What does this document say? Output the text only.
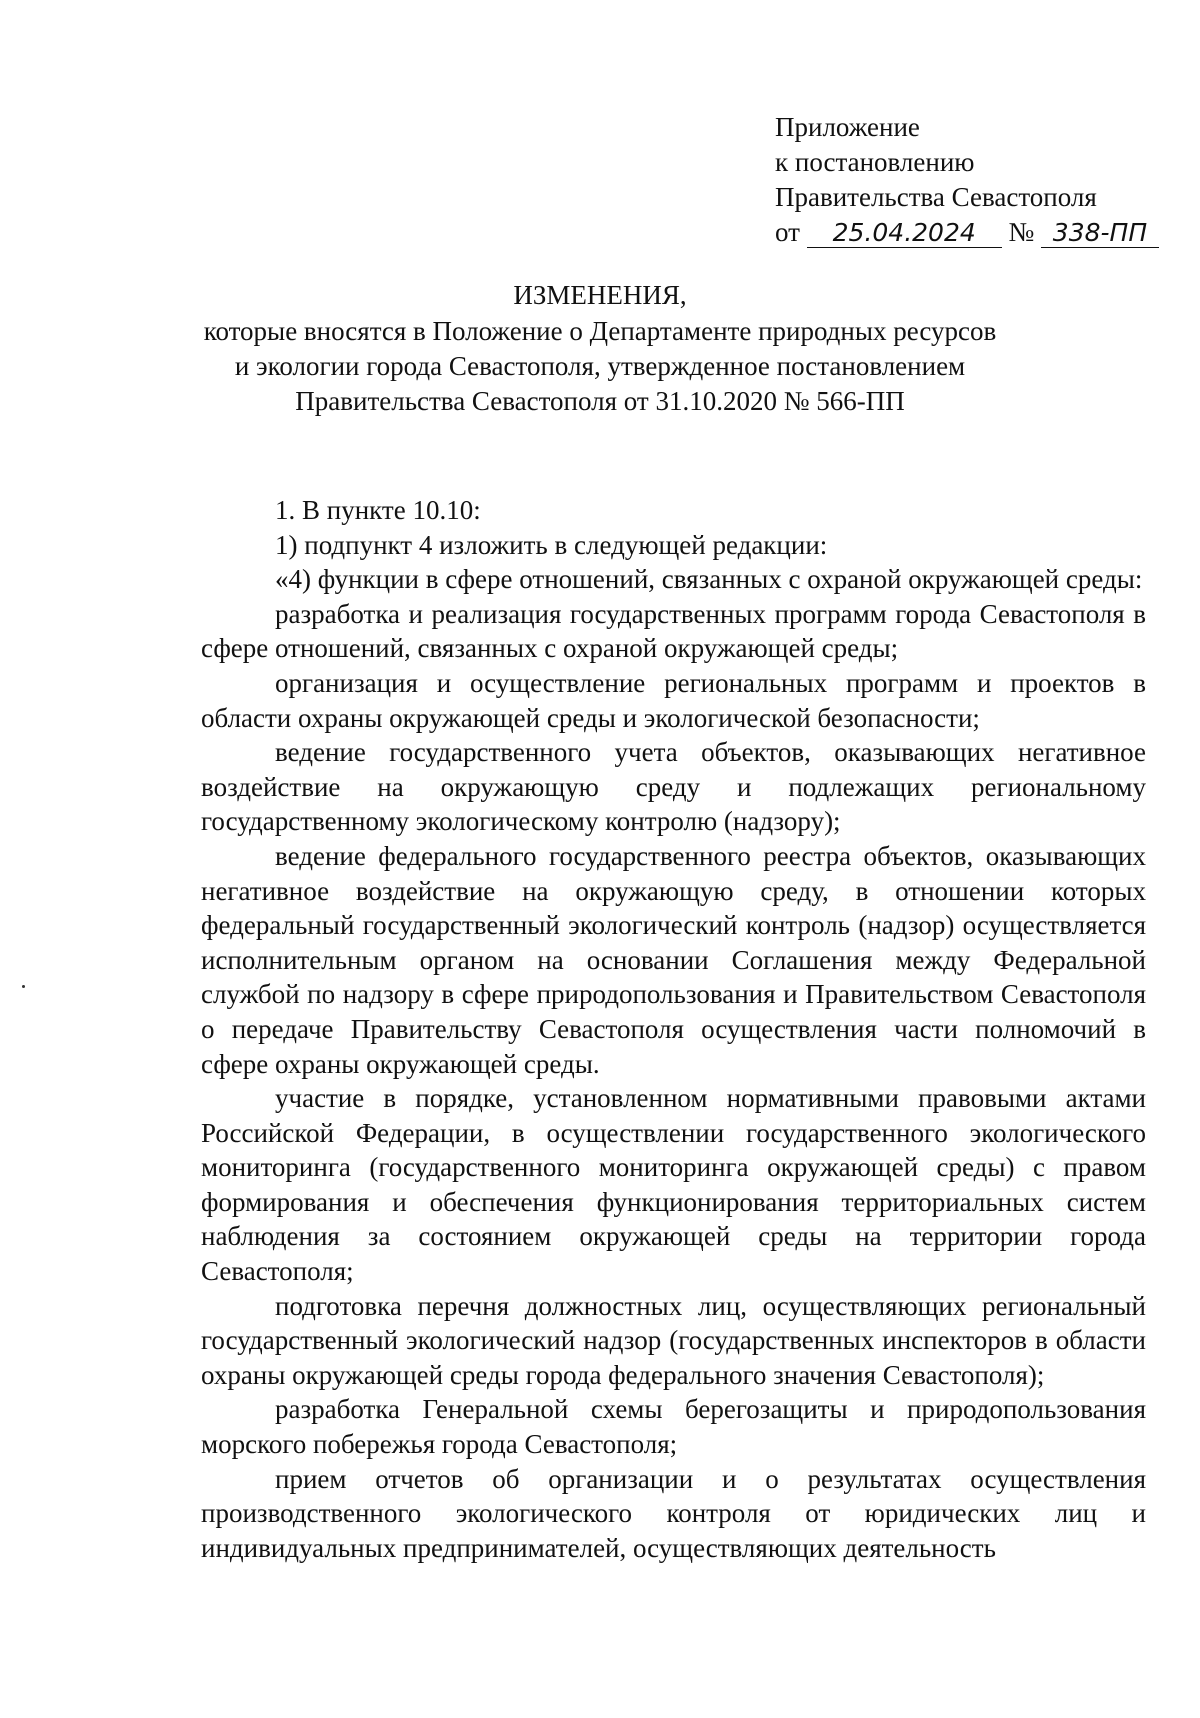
Приложение
к постановлению
Правительства Севастополя
от 25.04.2024 № 338-ПП
ИЗМЕНЕНИЯ,
которые вносятся в Положение о Департаменте природных ресурсов
и экологии города Севастополя, утвержденное постановлением
Правительства Севастополя от 31.10.2020 № 566-ПП

1. В пункте 10.10:

1) подпункт 4 изложить в следующей редакции:

«4) функции в сфере отношений, связанных с охраной окружающей среды:

разработка и реализация государственных программ города Севастополя в сфере отношений, связанных с охраной окружающей среды;

организация и осуществление региональных программ и проектов в области охраны окружающей среды и экологической безопасности;

ведение государственного учета объектов, оказывающих негативное воздействие на окружающую среду и подлежащих региональному государственному экологическому контролю (надзору);

ведение федерального государственного реестра объектов, оказывающих негативное воздействие на окружающую среду, в отношении которых федеральный государственный экологический контроль (надзор) осуществляется исполнительным органом на основании Соглашения между Федеральной службой по надзору в сфере природопользования и Правительством Севастополя о передаче Правительству Севастополя осуществления части полномочий в сфере охраны окружающей среды.

участие в порядке, установленном нормативными правовыми актами Российской Федерации, в осуществлении государственного экологического мониторинга (государственного мониторинга окружающей среды) с правом формирования и обеспечения функционирования территориальных систем наблюдения за состоянием окружающей среды на территории города Севастополя;

подготовка перечня должностных лиц, осуществляющих региональный государственный экологический надзор (государственных инспекторов в области охраны окружающей среды города федерального значения Севастополя);

разработка Генеральной схемы берегозащиты и природопользования морского побережья города Севастополя;

прием отчетов об организации и о результатах осуществления производственного экологического контроля от юридических лиц и индивидуальных предпринимателей, осуществляющих деятельность
